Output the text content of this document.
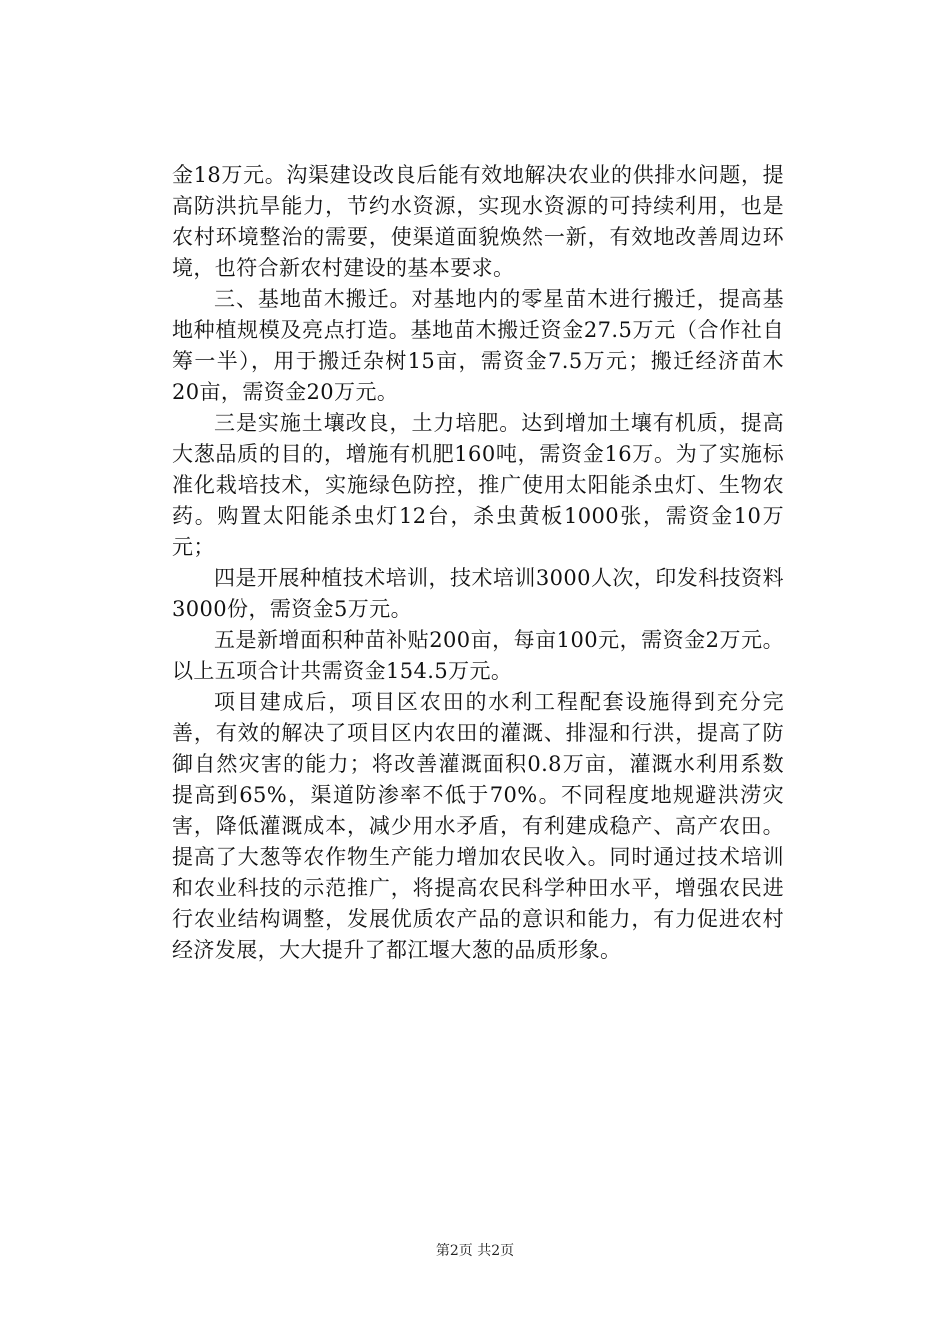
金18万元。沟渠建设改良后能有效地解决农业的供排水问题，提高防洪抗旱能力，节约水资源，实现水资源的可持续利用，也是农村环境整治的需要，使渠道面貌焕然一新，有效地改善周边环境，也符合新农村建设的基本要求。

三、基地苗木搬迁。对基地内的零星苗木进行搬迁，提高基地种植规模及亮点打造。基地苗木搬迁资金27.5万元（合作社自筹一半），用于搬迁杂树15亩，需资金7.5万元；搬迁经济苗木20亩，需资金20万元。

三是实施土壤改良，土力培肥。达到增加土壤有机质，提高大葱品质的目的，增施有机肥160吨，需资金16万。为了实施标准化栽培技术，实施绿色防控，推广使用太阳能杀虫灯、生物农药。购置太阳能杀虫灯12台，杀虫黄板1000张，需资金10万元；

四是开展种植技术培训，技术培训3000人次，印发科技资料3000份，需资金5万元。

五是新增面积种苗补贴200亩，每亩100元，需资金2万元。以上五项合计共需资金154.5万元。

项目建成后，项目区农田的水利工程配套设施得到充分完善，有效的解决了项目区内农田的灌溉、排湿和行洪，提高了防御自然灾害的能力；将改善灌溉面积0.8万亩，灌溉水利用系数提高到65%，渠道防渗率不低于70%。不同程度地规避洪涝灾害，降低灌溉成本，减少用水矛盾，有利建成稳产、高产农田。提高了大葱等农作物生产能力增加农民收入。同时通过技术培训和农业科技的示范推广，将提高农民科学种田水平，增强农民进行农业结构调整，发展优质农产品的意识和能力，有力促进农村经济发展，大大提升了都江堰大葱的品质形象。

第2页 共2页
